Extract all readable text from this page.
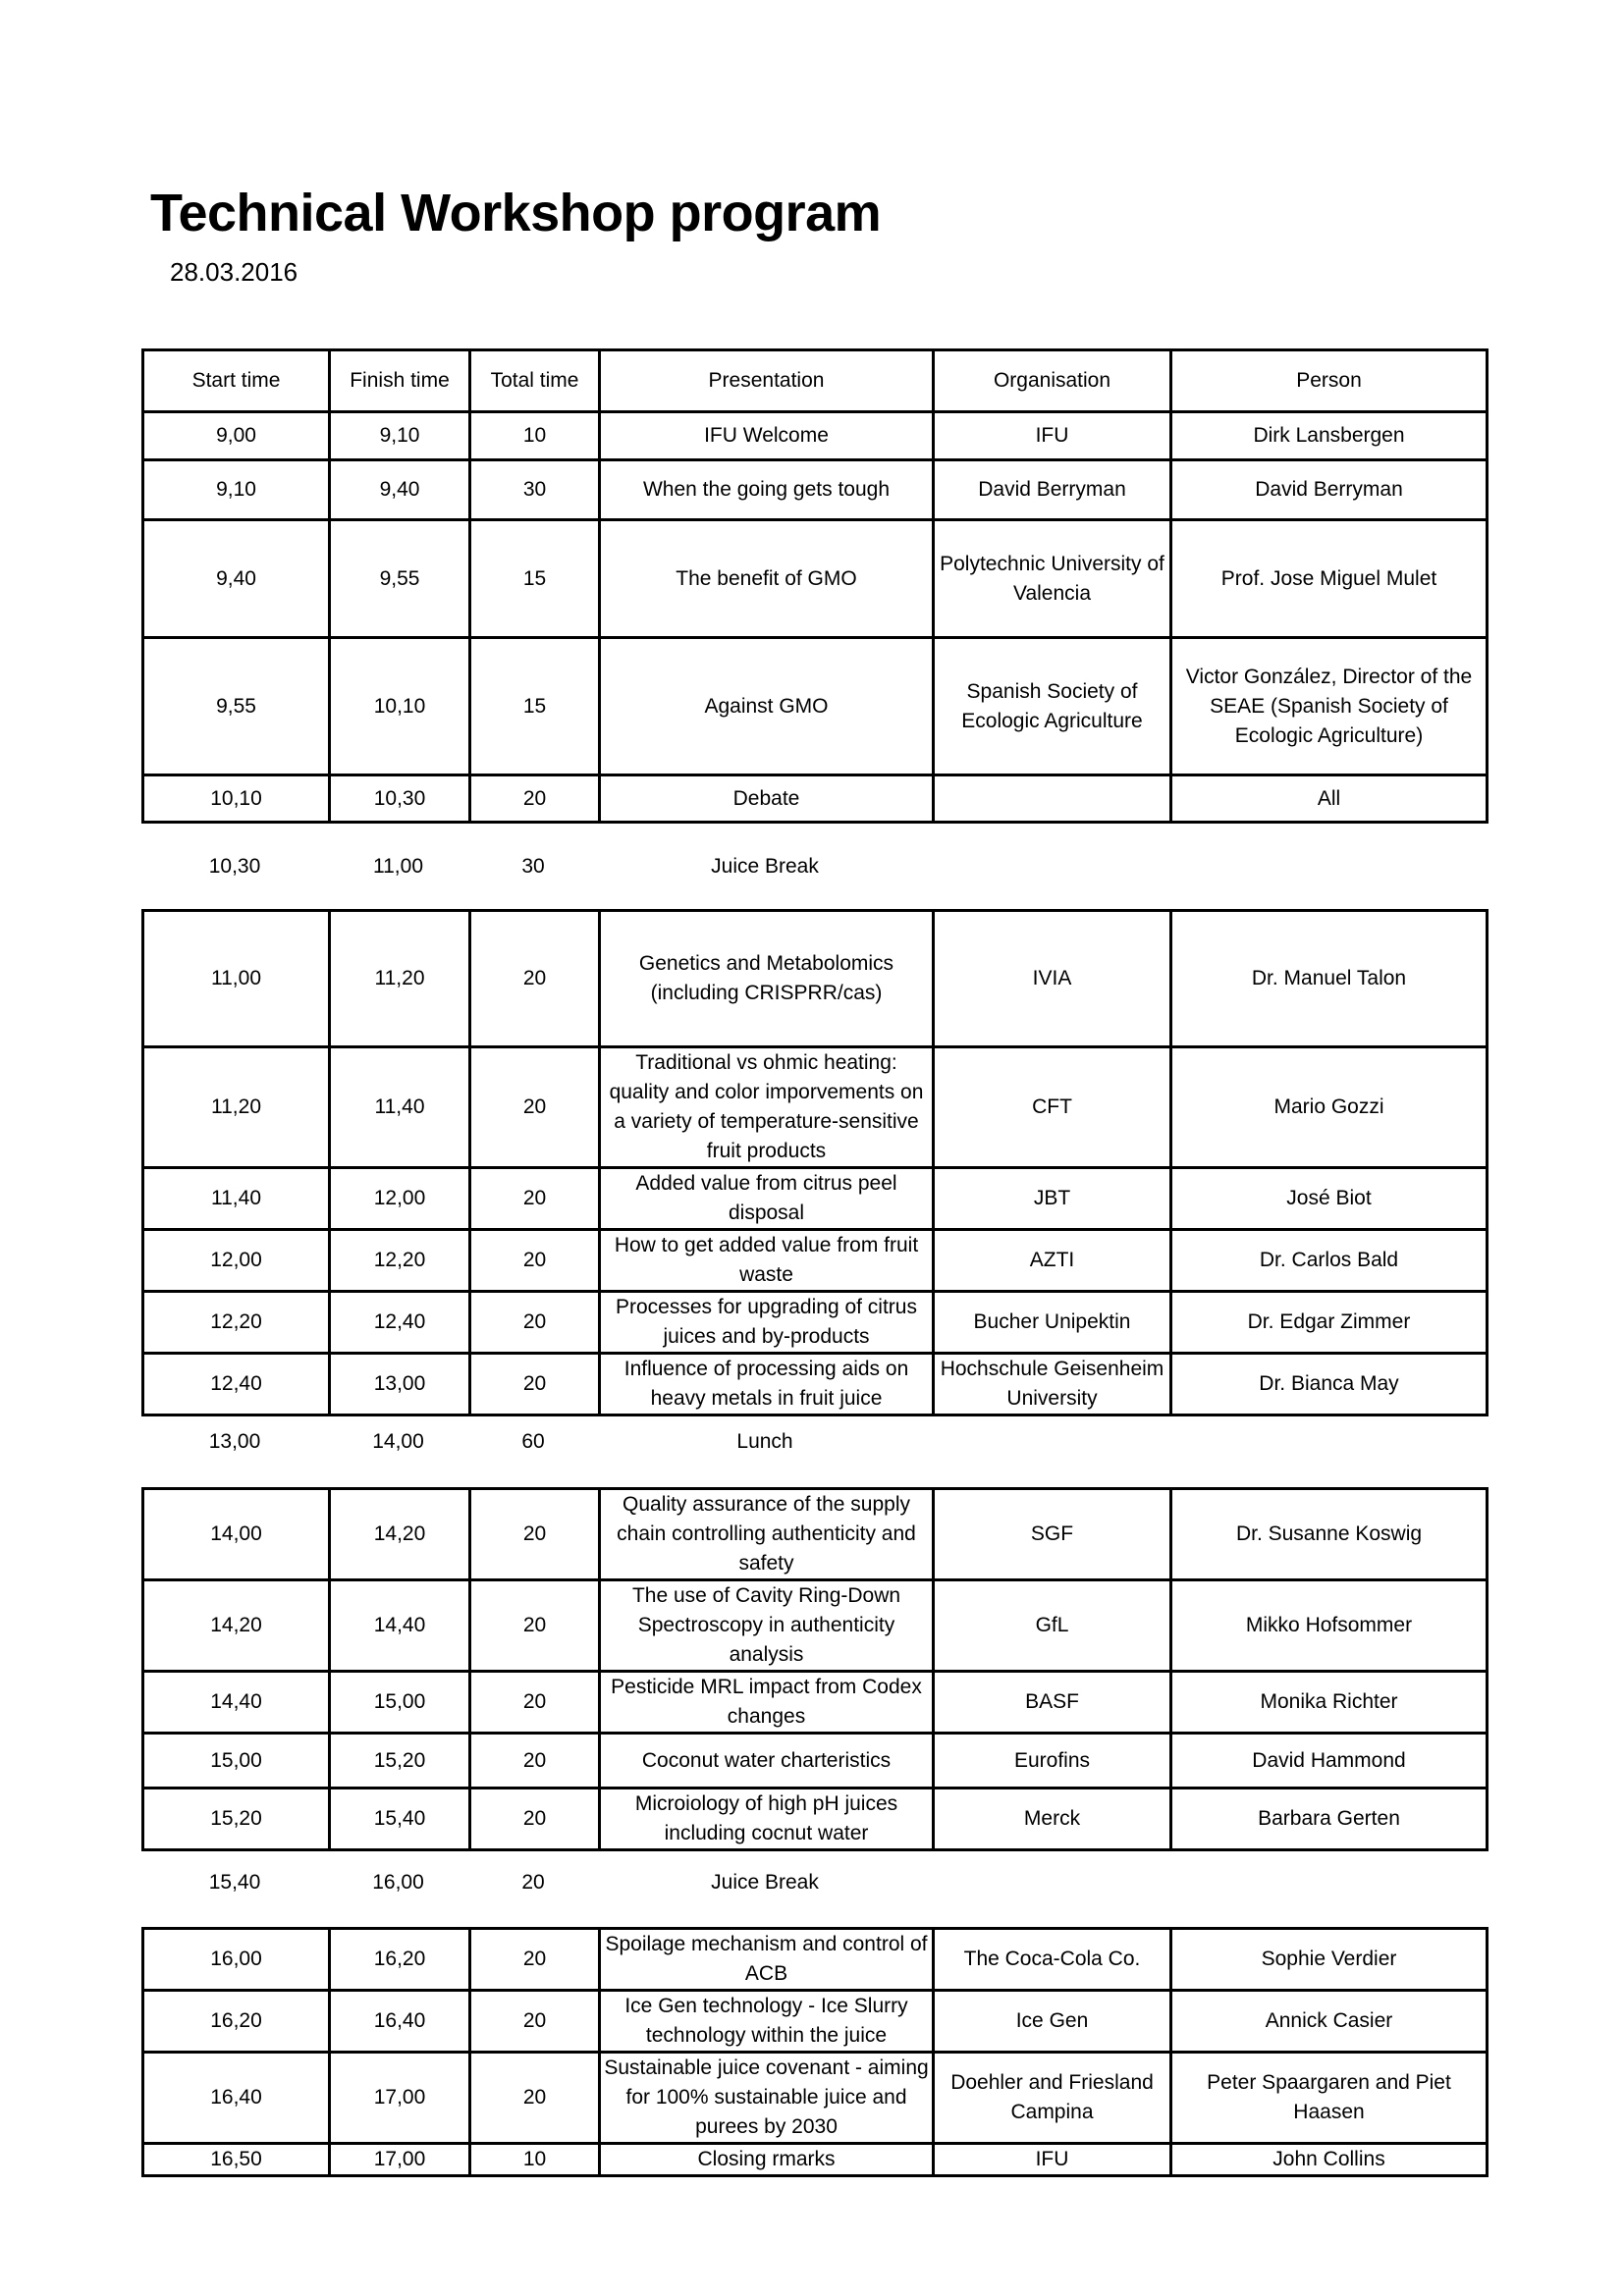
Technical Workshop program
28.03.2016
Start time	Finish time	Total time	Presentation	Organisation	Person
9,00	9,10	10	IFU Welcome	IFU	Dirk Lansbergen
9,10	9,40	30	When the going gets tough	David Berryman	David Berryman
9,40	9,55	15	The benefit of GMO	Polytechnic University of Valencia	Prof. Jose Miguel Mulet
9,55	10,10	15	Against GMO	Spanish Society of Ecologic Agriculture	Victor González, Director of the SEAE (Spanish Society of Ecologic Agriculture)
10,10	10,30	20	Debate		All
10,30	11,00	30	Juice Break		
11,00	11,20	20	Genetics and Metabolomics (including CRISPRR/cas)	IVIA	Dr. Manuel Talon
11,20	11,40	20	Traditional vs ohmic heating: quality and color imporvements on a variety of temperature-sensitive fruit products	CFT	Mario Gozzi
11,40	12,00	20	Added value from citrus peel disposal	JBT	José Biot
12,00	12,20	20	How to get added value from fruit waste	AZTI	Dr. Carlos Bald
12,20	12,40	20	Processes for upgrading of citrus juices and by-products	Bucher Unipektin	Dr. Edgar Zimmer
12,40	13,00	20	Influence of processing aids on heavy metals in fruit juice	Hochschule Geisenheim University	Dr. Bianca May
13,00	14,00	60	Lunch		
14,00	14,20	20	Quality assurance of the supply chain controlling authenticity and safety	SGF	Dr. Susanne Koswig
14,20	14,40	20	The use of Cavity Ring-Down Spectroscopy in authenticity analysis	GfL	Mikko Hofsommer
14,40	15,00	20	Pesticide MRL impact from Codex changes	BASF	Monika Richter
15,00	15,20	20	Coconut water charteristics	Eurofins	David Hammond
15,20	15,40	20	Microiology of high pH juices including cocnut water	Merck	Barbara Gerten
15,40	16,00	20	Juice Break		
16,00	16,20	20	Spoilage mechanism and control of ACB	The Coca-Cola Co.	Sophie Verdier
16,20	16,40	20	Ice Gen technology - Ice Slurry technology within the juice	Ice Gen	Annick Casier
16,40	17,00	20	Sustainable juice covenant - aiming for 100% sustainable juice and purees by 2030	Doehler and Friesland Campina	Peter Spaargaren and Piet Haasen
16,50	17,00	10	Closing rmarks	IFU	John Collins
